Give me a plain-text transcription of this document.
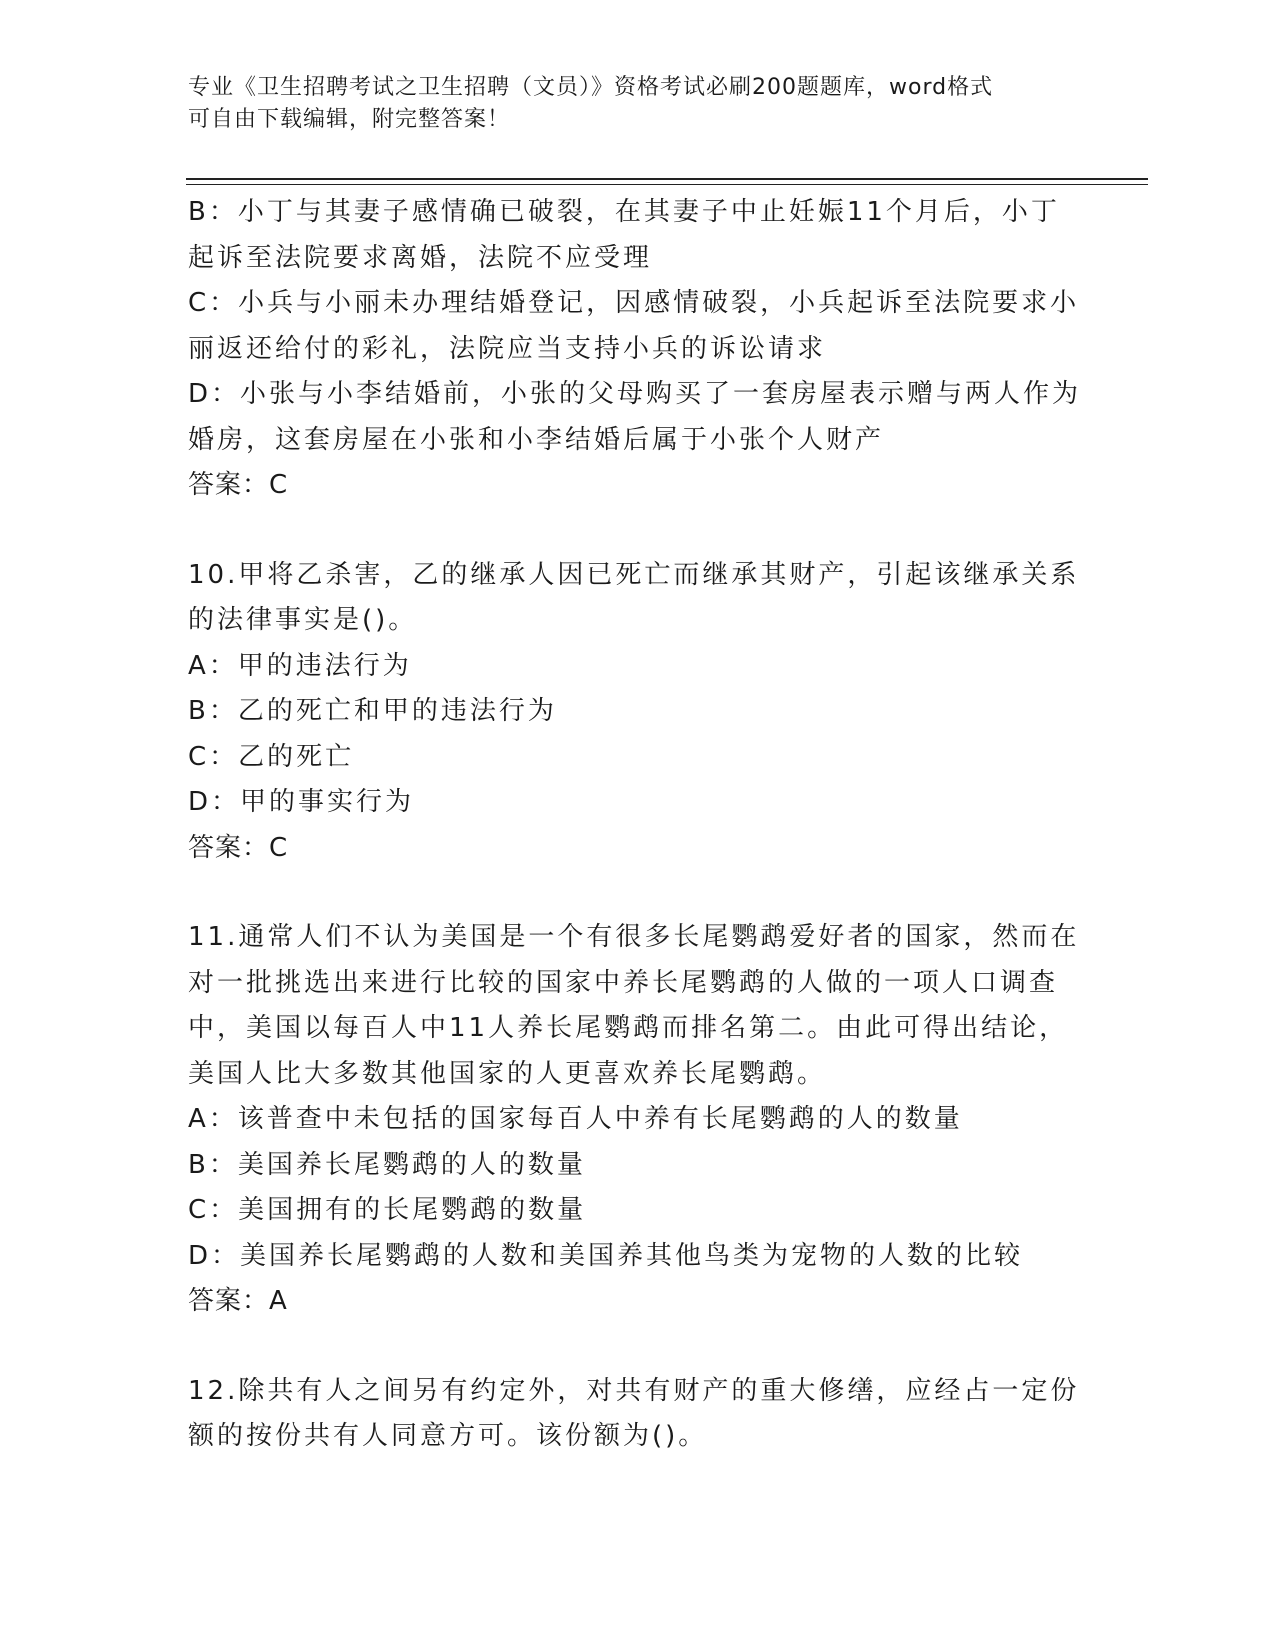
专业《卫生招聘考试之卫生招聘（文员）》资格考试必刷200题题库，word格式
可自由下载编辑，附完整答案！
B：小丁与其妻子感情确已破裂，在其妻子中止妊娠11个月后，小丁
起诉至法院要求离婚，法院不应受理
C：小兵与小丽未办理结婚登记，因感情破裂，小兵起诉至法院要求小
丽返还给付的彩礼，法院应当支持小兵的诉讼请求
D：小张与小李结婚前，小张的父母购买了一套房屋表示赠与两人作为
婚房，这套房屋在小张和小李结婚后属于小张个人财产
答案：C
10.甲将乙杀害，乙的继承人因已死亡而继承其财产，引起该继承关系
的法律事实是()。
A：甲的违法行为
B：乙的死亡和甲的违法行为
C：乙的死亡
D：甲的事实行为
答案：C
11.通常人们不认为美国是一个有很多长尾鹦鹉爱好者的国家，然而在
对一批挑选出来进行比较的国家中养长尾鹦鹉的人做的一项人口调查
中，美国以每百人中11人养长尾鹦鹉而排名第二。由此可得出结论，
美国人比大多数其他国家的人更喜欢养长尾鹦鹉。
A：该普查中未包括的国家每百人中养有长尾鹦鹉的人的数量
B：美国养长尾鹦鹉的人的数量
C：美国拥有的长尾鹦鹉的数量
D：美国养长尾鹦鹉的人数和美国养其他鸟类为宠物的人数的比较
答案：A
12.除共有人之间另有约定外，对共有财产的重大修缮，应经占一定份
额的按份共有人同意方可。该份额为()。
